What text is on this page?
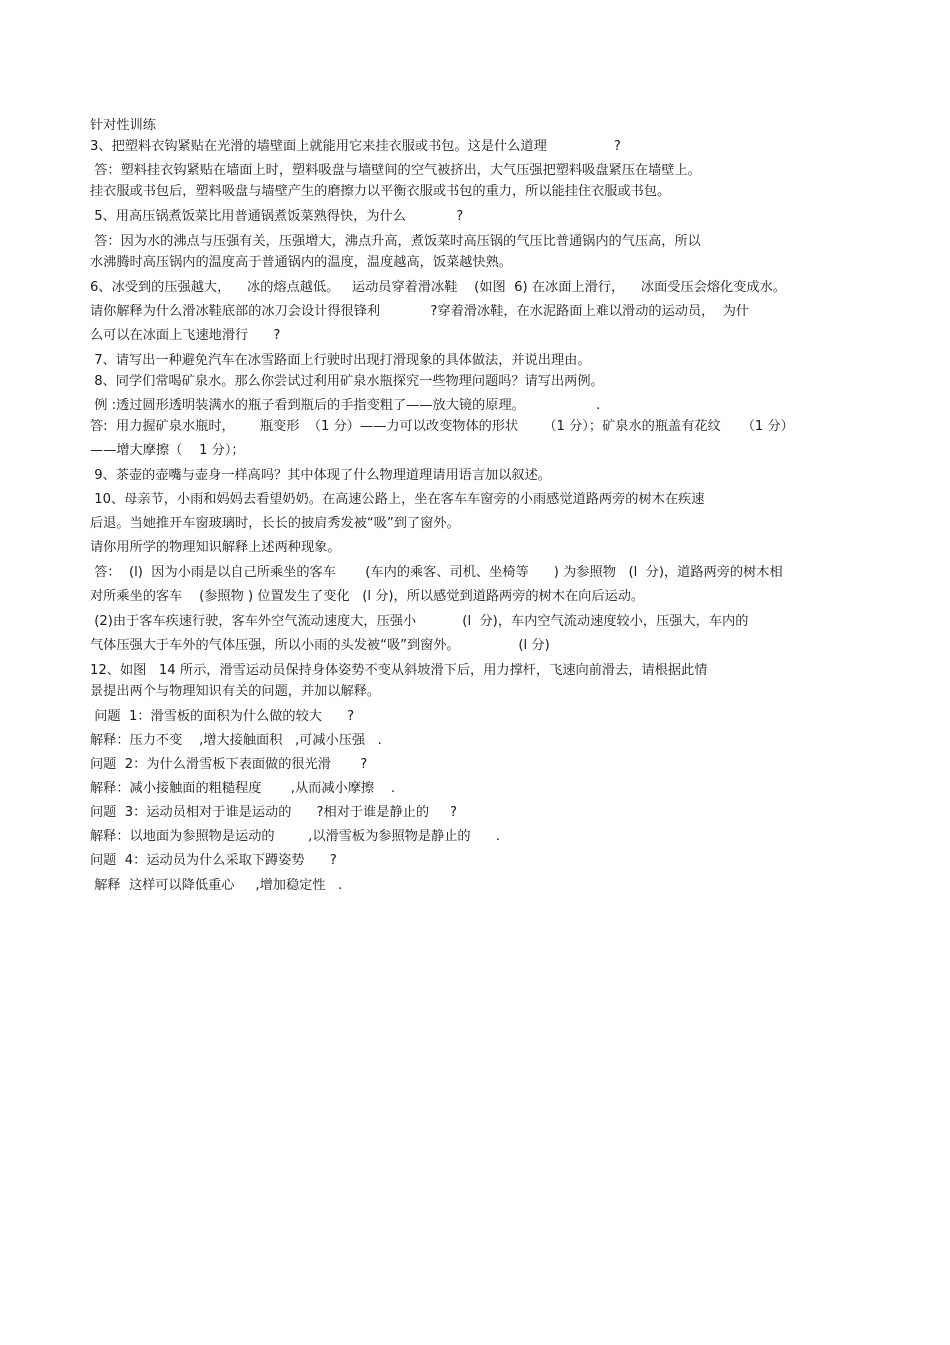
针对性训练

3、把塑料衣钩紧贴在光滑的墙壁面上就能用它来挂衣服或书包。这是什么道理                ?

答：塑料挂衣钩紧贴在墙面上时，塑料吸盘与墙壁间的空气被挤出，大气压强把塑料吸盘紧压在墙壁上。

挂衣服或书包后，塑料吸盘与墙壁产生的磨擦力以平衡衣服或书包的重力，所以能挂住衣服或书包。

5、用高压锅煮饭菜比用普通锅煮饭菜熟得快，为什么            ?

答：因为水的沸点与压强有关，压强增大，沸点升高，煮饭菜时高压锅的气压比普通锅内的气压高，所以

水沸腾时高压锅内的温度高于普通锅内的温度，温度越高，饭菜越快熟。

6、冰受到的压强越大，    冰的熔点越低。   运动员穿着滑冰鞋    (如图  6) 在冰面上滑行，    冰面受压会熔化变成水。

请你解释为什么滑冰鞋底部的冰刀会设计得很锋利            ?穿着滑冰鞋，在水泥路面上难以滑动的运动员，  为什

么可以在冰面上飞速地滑行      ?

7、请写出一种避免汽车在冰雪路面上行驶时出现打滑现象的具体做法，并说出理由。

8、同学们常喝矿泉水。那么你尝试过利用矿泉水瓶探究一些物理问题吗？请写出两例。

例 :透过圆形透明装满水的瓶子看到瓶后的手指变粗了——放大镜的原理。                 .

答:  用力握矿泉水瓶时，      瓶变形  （1 分）——力可以改变物体的形状      （1 分）；矿泉水的瓶盖有花纹     （1 分）

——增大摩擦（    1 分）；

9、茶壶的壶嘴与壶身一样高吗？其中体现了什么物理道理请用语言加以叙述。

10、母亲节，小雨和妈妈去看望奶奶。在高速公路上，坐在客车车窗旁的小雨感觉道路两旁的树木在疾速

后退。当她推开车窗玻璃时，长长的披肩秀发被“吸”到了窗外。

请你用所学的物理知识解释上述两种现象。

答：  (l)  因为小雨是以自己所乘坐的客车       (车内的乘客、司机、坐椅等      ) 为参照物   (l  分)，道路两旁的树木相

对所乘坐的客车    (参照物 ) 位置发生了变化   (l 分)，所以感觉到道路两旁的树木在向后运动。

(2)由于客车疾速行驶，客车外空气流动速度大，压强小           (l  分)，车内空气流动速度较小，压强大，车内的

气体压强大于车外的气体压强，所以小雨的头发被“吸”到窗外。              (l 分)

12、如图   14 所示，滑雪运动员保持身体姿势不变从斜坡滑下后，用力撑杆，飞速向前滑去，请根据此情

景提出两个与物理知识有关的问题，并加以解释。

问题  1：滑雪板的面积为什么做的较大      ?

解释：压力不变    ,增大接触面积   ,可减小压强   .

问题  2：为什么滑雪板下表面做的很光滑       ?

解释：减小接触面的粗糙程度       ,从而减小摩擦    .

问题  3：运动员相对于谁是运动的      ?相对于谁是静止的     ?

解释：以地面为参照物是运动的        ,以滑雪板为参照物是静止的      .

问题  4：运动员为什么采取下蹲姿势      ?

解释  这样可以降低重心     ,增加稳定性   .
